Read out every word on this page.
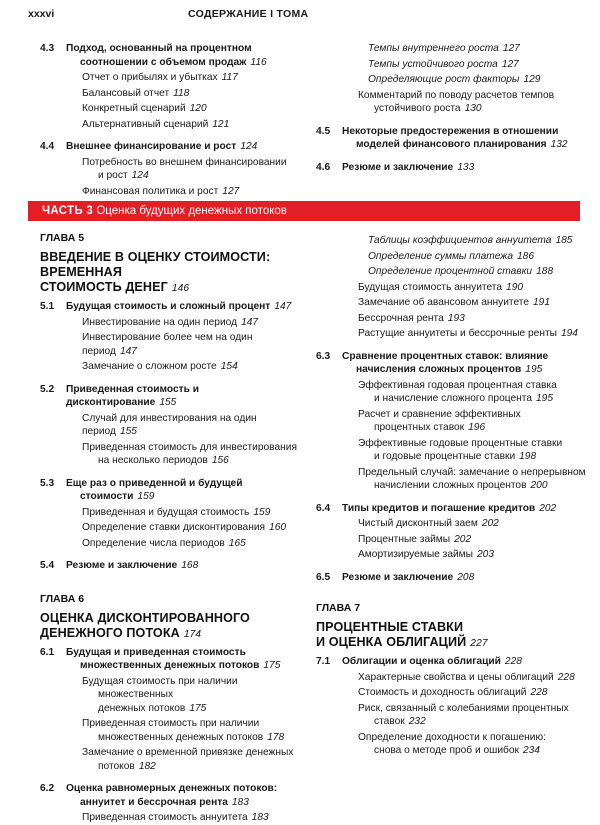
xxxvi	СОДЕРЖАНИЕ I ТОМА
4.3 Подход, основанный на процентном
соотношении с объемом продаж 116
Отчет о прибылях и убытках 117
Балансовый отчет 118
Конкретный сценарий 120
Альтернативный сценарий 121
4.4 Внешнее финансирование и рост 124
Потребность во внешнем финансировании
и рост 124
Финансовая политика и рост 127
Темпы внутреннего роста 127
Темпы устойчивого роста 127
Определяющие рост факторы 129
Комментарий по поводу расчетов темпов
устойчивого роста 130
4.5 Некоторые предостережения в отношении
моделей финансового планирования 132
4.6 Резюме и заключение 133
ЧАСТЬ 3 Оценка будущих денежных потоков

ГЛАВА 5

ВВЕДЕНИЕ В ОЦЕНКУ СТОИМОСТИ: ВРЕМЕННАЯ
СТОИМОСТЬ ДЕНЕГ 146

5.1 Будущая стоимость и сложный процент 147
Инвестирование на один период 147
Инвестирование более чем на один период 147
Замечание о сложном росте 154
5.2 Приведенная стоимость и дисконтирование 155
Случай для инвестирования на один период 155
Приведенная стоимость для инвестирования
на несколько периодов 156
5.3 Еще раз о приведенной и будущей
стоимости 159
Приведенная и будущая стоимость 159
Определение ставки дисконтирования 160
Определение числа периодов 165
5.4 Резюме и заключение 168

ГЛАВА 6

ОЦЕНКА ДИСКОНТИРОВАННОГО
ДЕНЕЖНОГО ПОТОКА 174

6.1 Будущая и приведенная стоимость
множественных денежных потоков 175
Будущая стоимость при наличии множественных
денежных потоков 175
Приведенная стоимость при наличии
множественных денежных потоков 178
Замечание о временной привязке денежных
потоков 182
6.2 Оценка равномерных денежных потоков:
аннуитет и бессрочная рента 183
Приведенная стоимость аннуитета 183
Таблицы коэффициентов аннуитета 185
Определение суммы платежа 186
Определение процентной ставки 188
Будущая стоимость аннуитета 190
Замечание об авансовом аннуитете 191
Бессрочная рента 193
Растущие аннуитеты и бессрочные ренты 194
6.3 Сравнение процентных ставок: влияние
начисления сложных процентов 195
Эффективная годовая процентная ставка
и начисление сложного процента 195
Расчет и сравнение эффективных
процентных ставок 196
Эффективные годовые процентные ставки
и годовые процентные ставки 198
Предельный случай: замечание о непрерывном
начислении сложных процентов 200
6.4 Типы кредитов и погашение кредитов 202
Чистый дисконтный заем 202
Процентные займы 202
Амортизируемые займы 203
6.5 Резюме и заключение 208

ГЛАВА 7

ПРОЦЕНТНЫЕ СТАВКИ
И ОЦЕНКА ОБЛИГАЦИЙ 227

7.1 Облигации и оценка облигаций 228
Характерные свойства и цены облигаций 228
Стоимость и доходность облигаций 228
Риск, связанный с колебаниями процентных
ставок 232
Определение доходности к погашению:
снова о методе проб и ошибок 234
